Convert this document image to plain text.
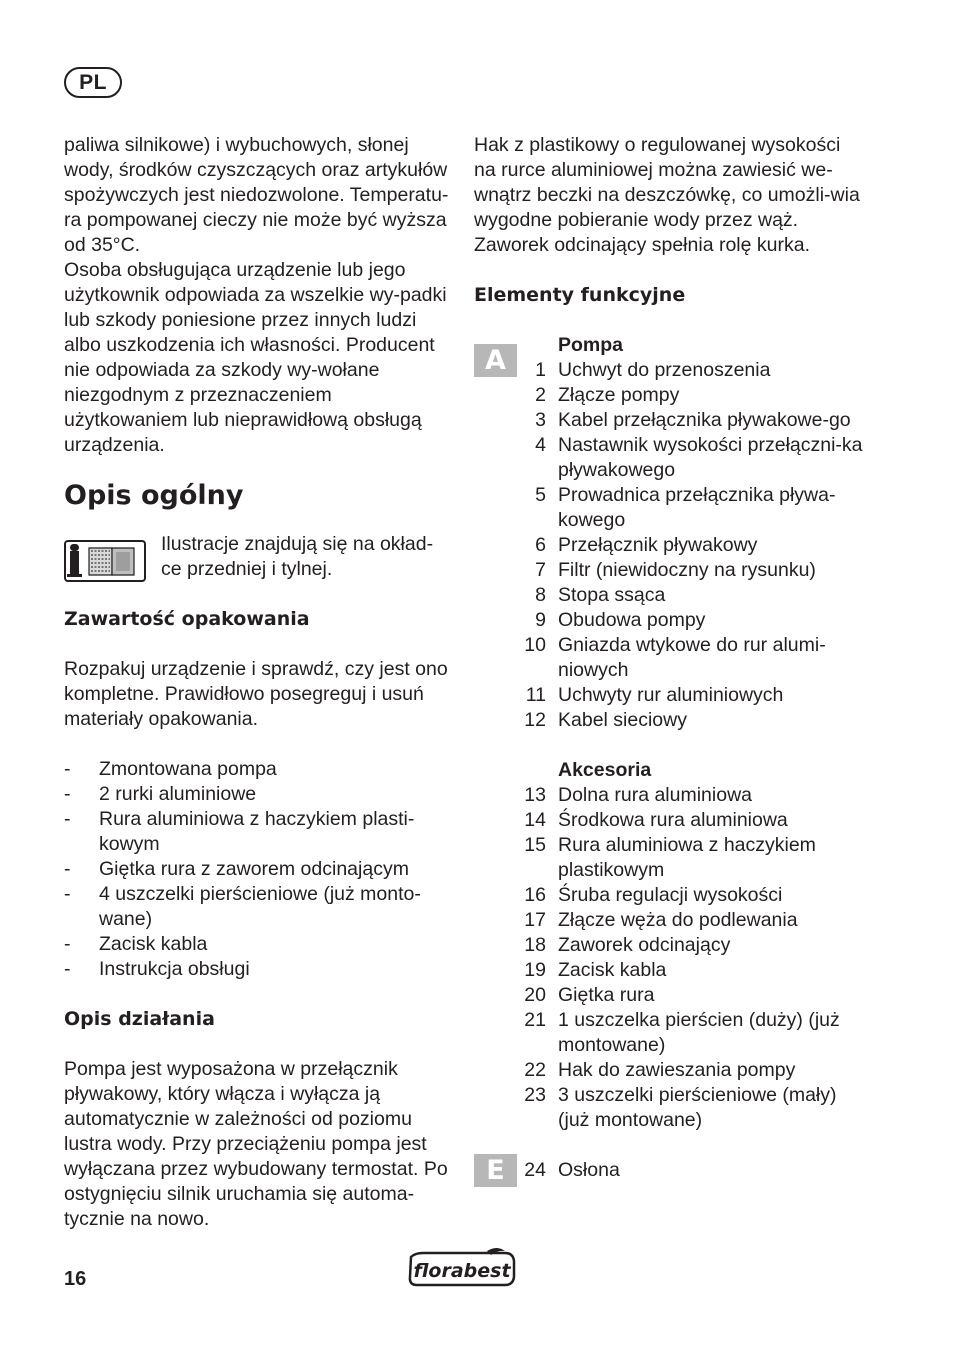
PL

paliwa silnikowe) i wybuchowych, słonej wody, środków czyszczących oraz artykułów spożywczych jest niedozwolone. Temperatu-ra pompowanej cieczy nie może być wyższa od 35°C.

Osoba obsługująca urządzenie lub jego użytkownik odpowiada za wszelkie wy-padki lub szkody poniesione przez innych ludzi albo uszkodzenia ich własności. Producent nie odpowiada za szkody wy-wołane niezgodnym z przeznaczeniem użytkowaniem lub nieprawidłową obsługą urządzenia.

Opis ogólny

Ilustracje znajdują się na okład-ce przedniej i tylnej.

Zawartość opakowania

Rozpakuj urządzenie i sprawdź, czy jest ono kompletne. Prawidłowo posegreguj i usuń materiały opakowania.

- Zmontowana pompa
- 2 rurki aluminiowe
- Rura aluminiowa z haczykiem plasti-kowym
- Giętka rura z zaworem odcinającym
- 4 uszczelki pierścieniowe (już monto-wane)
- Zacisk kabla
- Instrukcja obsługi
Opis działania

Pompa jest wyposażona w przełącznik pływakowy, który włącza i wyłącza ją automatycznie w zależności od poziomu lustra wody. Przy przeciążeniu pompa jest wyłączana przez wybudowany termostat. Po ostygnięciu silnik uruchamia się automa-tycznie na nowo.

Hak z plastikowy o regulowanej wysokości na rurce aluminiowej można zawiesić we-wnątrz beczki na deszczówkę, co umożli-wia wygodne pobieranie wody przez wąż. Zaworek odcinający spełnia rolę kurka.

Elementy funkcyjne
A	Pompa
1 Uchwyt do przenoszenia
2 Złącze pompy
3 Kabel przełącznika pływakowe-go
4 Nastawnik wysokości przełączni-ka pływakowego
5 Prowadnica przełącznika pływa-kowego
6 Przełącznik pływakowy
7 Filtr (niewidoczny na rysunku)
8 Stopa ssąca
9 Obudowa pompy
10 Gniazda wtykowe do rur alumi-niowych
11 Uchwyty rur aluminiowych
12 Kabel sieciowy
Akcesoria
13 Dolna rura aluminiowa
14 Środkowa rura aluminiowa
15 Rura aluminiowa z haczykiem plastikowym
16 Śruba regulacji wysokości
17 Złącze węża do podlewania
18 Zaworek odcinający
19 Zacisk kabla
20 Giętka rura
21 1 uszczelka pierścien (duży) (już montowane)
22 Hak do zawieszania pompy
23 3 uszczelki pierścieniowe (mały) (już montowane)
E	24 Osłona
16	florabest
